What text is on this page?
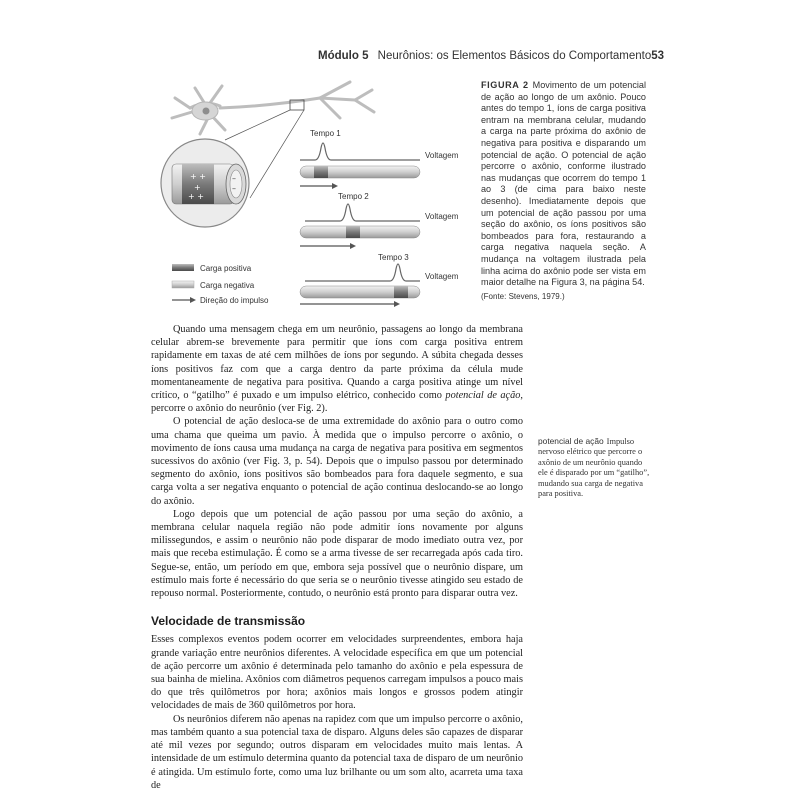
Módulo 5 Neurônios: os Elementos Básicos do Comportamento 53
+ +
+
+ +
–
–
Tempo 1
Voltagem
Tempo 2
Voltagem
Tempo 3
Voltagem
Carga positiva
Carga negativa
Direção do impulso
FIGURA 2 Movimento de um potencial de ação ao longo de um axônio. Pouco antes do tempo 1, íons de carga positiva entram na membrana celular, mudando a carga na parte próxima do axônio de negativa para positiva e disparando um potencial de ação. O potencial de ação percorre o axônio, conforme ilustrado nas mudanças que ocorrem do tempo 1 ao 3 (de cima para baixo neste desenho). Imediatamente depois que um potencial de ação passou por uma seção do axônio, os íons positivos são bombeados para fora, restaurando a carga negativa naquela seção. A mudança na voltagem ilustrada pela linha acima do axônio pode ser vista em maior detalhe na Figura 3, na página 54.
(Fonte: Stevens, 1979.)

Quando uma mensagem chega em um neurônio, passagens ao longo da membrana celular abrem-se brevemente para permitir que íons com carga positiva entrem rapidamente em taxas de até cem milhões de íons por segundo. A súbita chegada desses íons positivos faz com que a carga dentro da parte próxima da célula mude momentaneamente de negativa para positiva. Quando a carga positiva atinge um nível crítico, o “gatilho” é puxado e um impulso elétrico, conhecido como potencial de ação, percorre o axônio do neurônio (ver Fig. 2).

O potencial de ação desloca-se de uma extremidade do axônio para o outro como uma chama que queima um pavio. À medida que o impulso percorre o axônio, o movimento de íons causa uma mudança na carga de negativa para positiva em segmentos sucessivos do axônio (ver Fig. 3, p. 54). Depois que o impulso passou por determinado segmento do axônio, íons positivos são bombeados para fora daquele segmento, e sua carga volta a ser negativa enquanto o potencial de ação continua deslocando-se ao longo do axônio.

Logo depois que um potencial de ação passou por uma seção do axônio, a membrana celular naquela região não pode admitir íons novamente por alguns milissegundos, e assim o neurônio não pode disparar de modo imediato outra vez, por mais que receba estimulação. É como se a arma tivesse de ser recarregada após cada tiro. Segue-se, então, um período em que, embora seja possível que o neurônio dispare, um estímulo mais forte é necessário do que seria se o neurônio tivesse atingido seu estado de repouso normal. Posteriormente, contudo, o neurônio está pronto para disparar outra vez.

Velocidade de transmissão

Esses complexos eventos podem ocorrer em velocidades surpreendentes, embora haja grande variação entre neurônios diferentes. A velocidade específica em que um potencial de ação percorre um axônio é determinada pelo tamanho do axônio e pela espessura de sua bainha de mielina. Axônios com diâmetros pequenos carregam impulsos a pouco mais do que três quilômetros por hora; axônios mais longos e grossos podem atingir velocidades de mais de 360 quilômetros por hora.

Os neurônios diferem não apenas na rapidez com que um impulso percorre o axônio, mas também quanto a sua potencial taxa de disparo. Alguns deles são capazes de disparar até mil vezes por segundo; outros disparam em velocidades muito mais lentas. A intensidade de um estímulo determina quanto da potencial taxa de disparo de um neurônio é atingida. Um estímulo forte, como uma luz brilhante ou um som alto, acarreta uma taxa de

potencial de ação Impulso nervoso elétrico que percorre o axônio de um neurônio quando ele é disparado por um “gatilho”, mudando sua carga de negativa para positiva.
